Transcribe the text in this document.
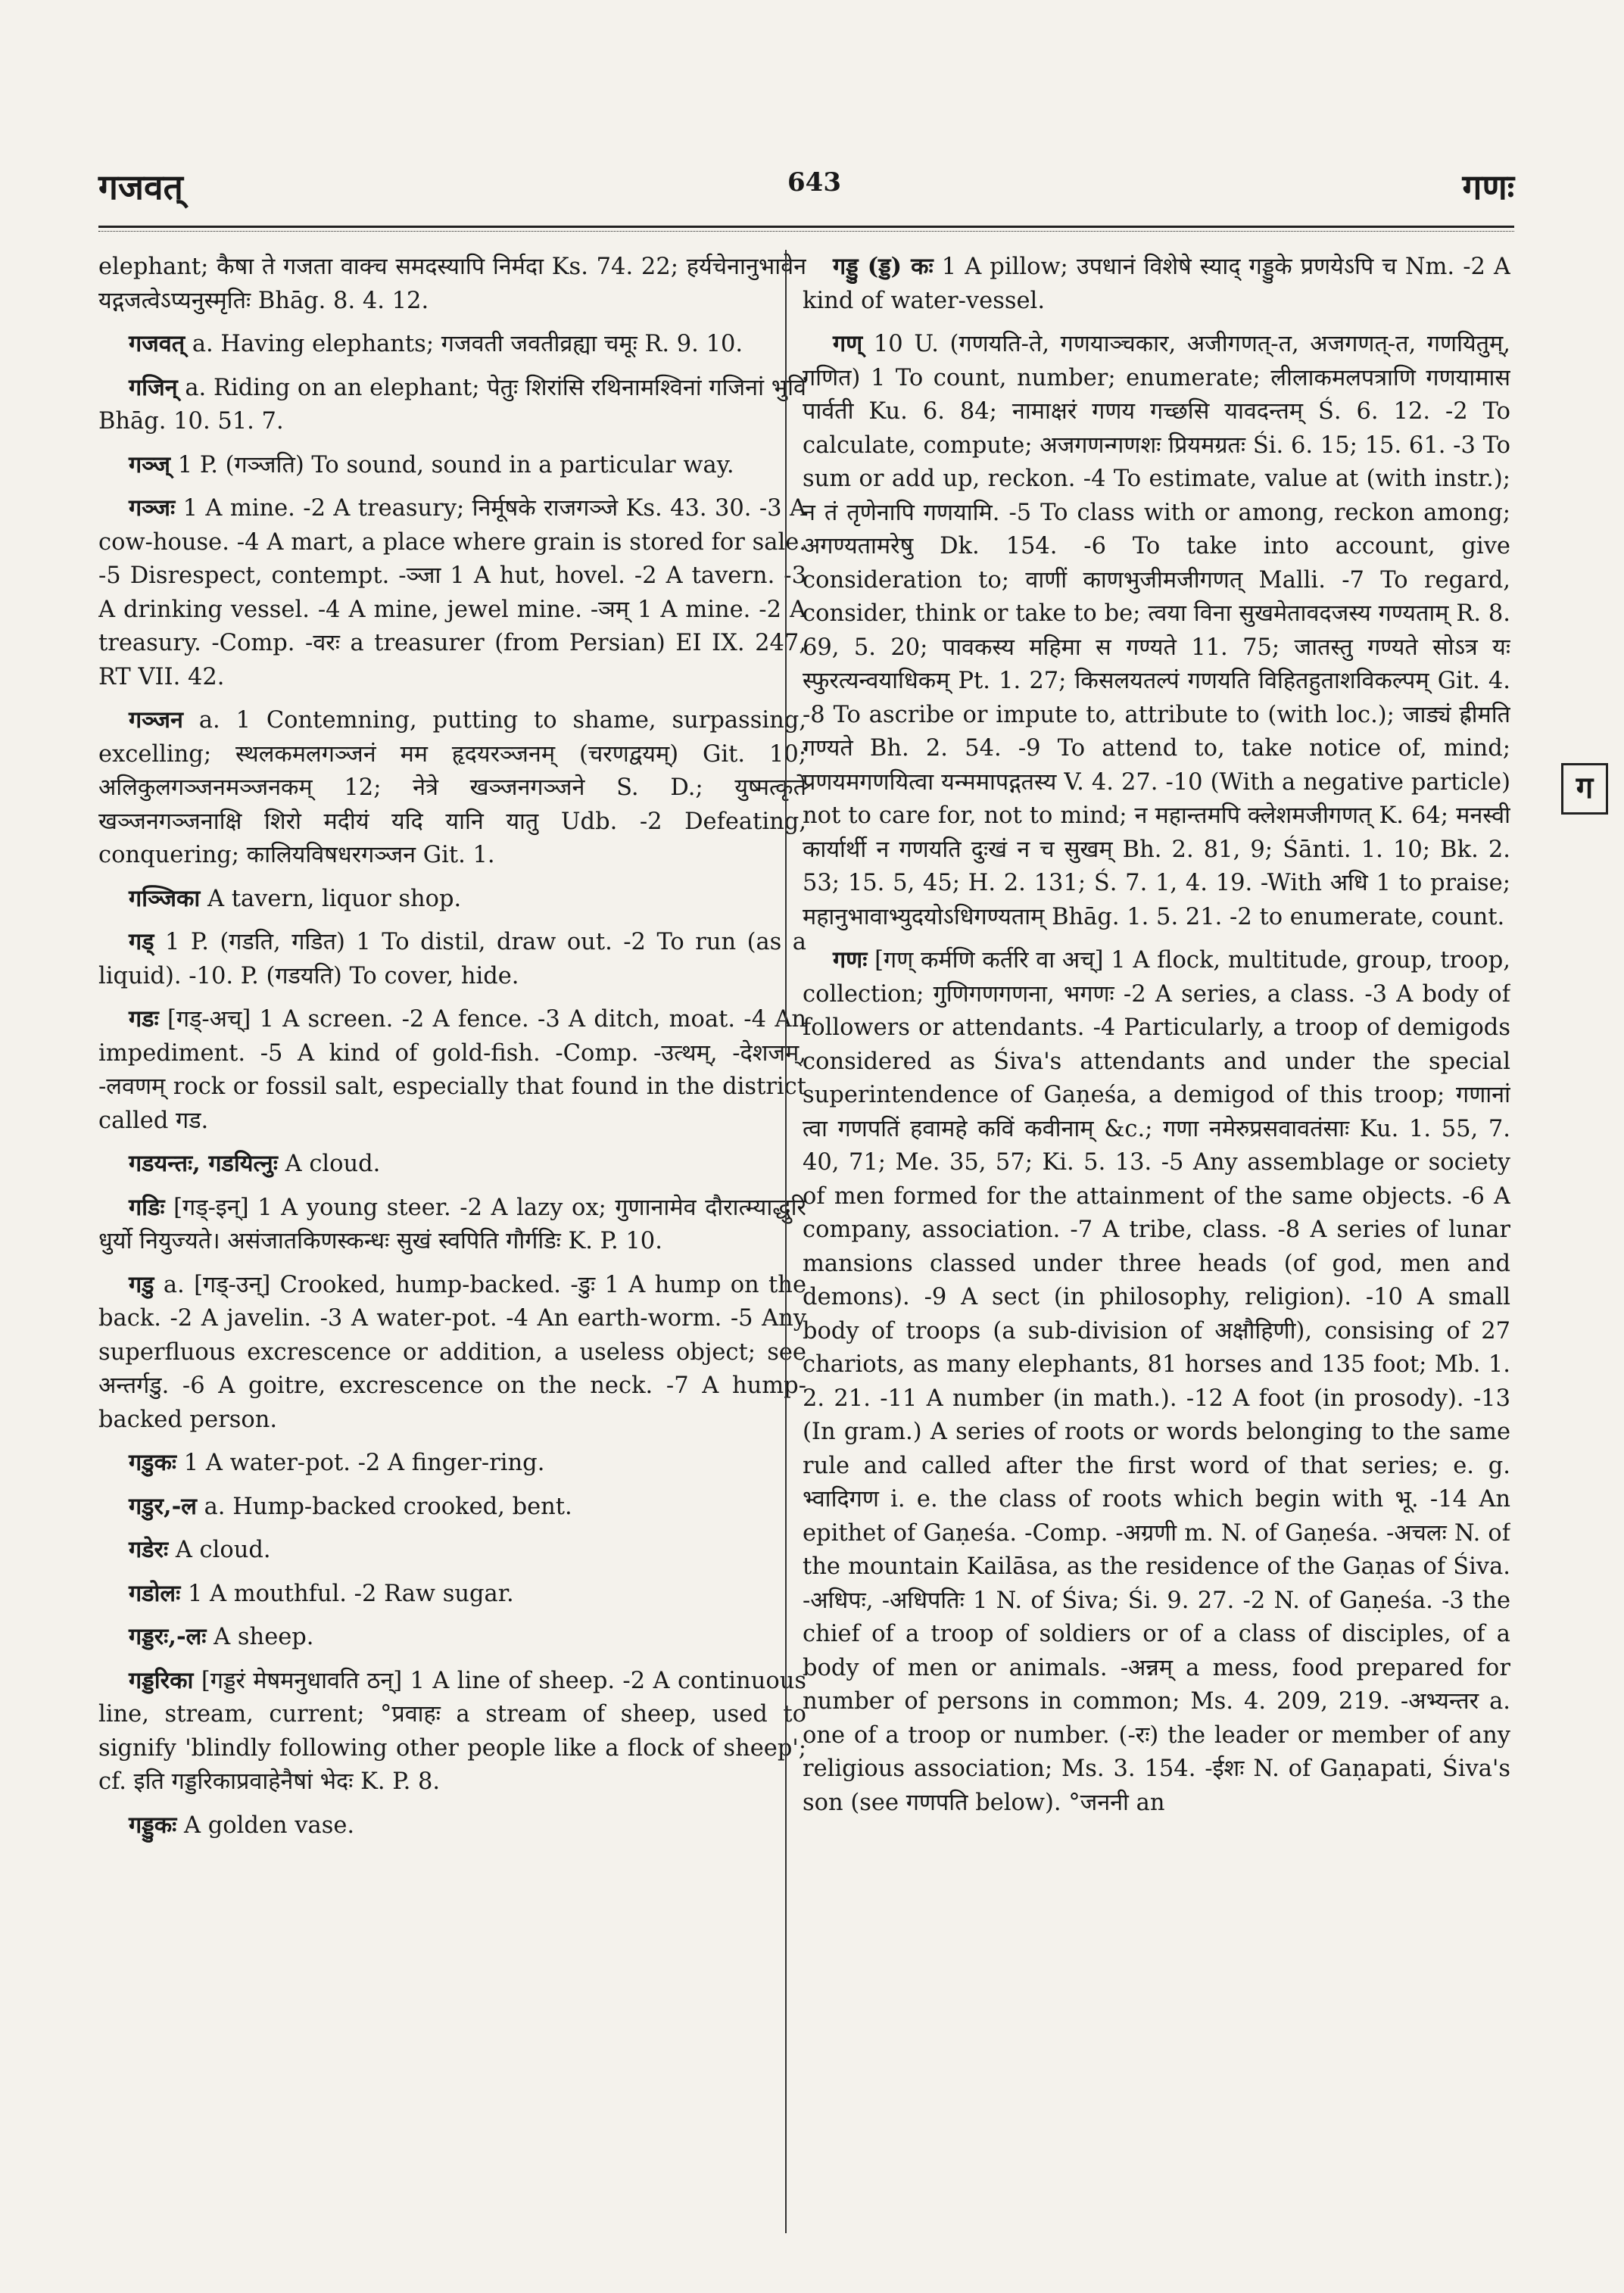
गजवत्	643	गणः
ग

elephant; कैषा ते गजता वाक्च समदस्यापि निर्मदा Ks. 74. 22; हर्यचेनानुभावेन यद्गजत्वेऽप्यनुस्मृतिः Bhāg. 8. 4. 12.

गजवत् a. Having elephants; गजवती जवतीव्रह्या चमूः R. 9. 10.

गजिन् a. Riding on an elephant; पेतुः शिरांसि रथिनामश्विनां गजिनां भुवि Bhāg. 10. 51. 7.

गञ्ज् 1 P. (गञ्जति) To sound, sound in a particular way.

गञ्जः 1 A mine. -2 A treasury; निर्मूषके राजगञ्जे Ks. 43. 30. -3 A cow-house. -4 A mart, a place where grain is stored for sale. -5 Disrespect, contempt. -ञ्जा 1 A hut, hovel. -2 A tavern. -3 A drinking vessel. -4 A mine, jewel mine. -ञम् 1 A mine. -2 A treasury. -Comp. -वरः a treasurer (from Persian) EI IX. 247, RT VII. 42.

गञ्जन a. 1 Contemning, putting to shame, surpassing, excelling; स्थलकमलगञ्जनं मम हृदयरञ्जनम् (चरणद्वयम्) Git. 10; अलिकुलगञ्जनमञ्जनकम् 12; नेत्रे खञ्जनगञ्जने S. D.; युष्मत्कृते खञ्जनगञ्जनाक्षि शिरो मदीयं यदि यानि यातु Udb. -2 Defeating, conquering; कालियविषधरगञ्जन Git. 1.

गञ्जिका A tavern, liquor shop.

गड् 1 P. (गडति, गडित) 1 To distil, draw out. -2 To run (as a liquid). -10. P. (गडयति) To cover, hide.

गडः [गड्-अच्] 1 A screen. -2 A fence. -3 A ditch, moat. -4 An impediment. -5 A kind of gold-fish. -Comp. -उत्थम्, -देशजम्, -लवणम् rock or fossil salt, especially that found in the district called गड.

गडयन्तः, गडयित्नुः A cloud.

गडिः [गड्-इन्] 1 A young steer. -2 A lazy ox; गुणानामेव दौरात्म्याद्धुरि धुर्यो नियुज्यते। असंजातकिणस्कन्धः सुखं स्वपिति गौर्गडिः K. P. 10.

गडु a. [गड्-उन्] Crooked, hump-backed. -डुः 1 A hump on the back. -2 A javelin. -3 A water-pot. -4 An earth-worm. -5 Any superfluous excrescence or addition, a useless object; see अन्तर्गडु. -6 A goitre, excrescence on the neck. -7 A hump-backed person.

गडुकः 1 A water-pot. -2 A finger-ring.

गडुर,-ल a. Hump-backed crooked, bent.

गडेरः A cloud.

गडोलः 1 A mouthful. -2 Raw sugar.

गड्डरः,-लः A sheep.

गड्डरिका [गड्डरं मेषमनुधावति ठन्] 1 A line of sheep. -2 A continuous line, stream, current; °प्रवाहः a stream of sheep, used to signify 'blindly following other people like a flock of sheep'; cf. इति गड्डरिकाप्रवाहेनैषां भेदः K. P. 8.

गड्डुकः A golden vase.

गड्डु (ड्ड) कः 1 A pillow; उपधानं विशेषे स्याद् गड्डुके प्रणयेऽपि च Nm. -2 A kind of water-vessel.

गण् 10 U. (गणयति-ते, गणयाञ्चकार, अजीगणत्-त, अजगणत्-त, गणयितुम्, गणित) 1 To count, number; enumerate; लीलाकमलपत्राणि गणयामास पार्वती Ku. 6. 84; नामाक्षरं गणय गच्छसि यावदन्तम् Ś. 6. 12. -2 To calculate, compute; अजगणन्गणशः प्रियमग्रतः Śi. 6. 15; 15. 61. -3 To sum or add up, reckon. -4 To estimate, value at (with instr.); न तं तृणेनापि गणयामि. -5 To class with or among, reckon among; अगण्यतामरेषु Dk. 154. -6 To take into account, give consideration to; वाणीं काणभुजीमजीगणत् Malli. -7 To regard, consider, think or take to be; त्वया विना सुखमेतावदजस्य गण्यताम् R. 8. 69, 5. 20; पावकस्य महिमा स गण्यते 11. 75; जातस्तु गण्यते सोऽत्र यः स्फुरत्यन्वयाधिकम् Pt. 1. 27; किसलयतल्पं गणयति विहितहुताशविकल्पम् Git. 4. -8 To ascribe or impute to, attribute to (with loc.); जाड्यं ह्रीमति गण्यते Bh. 2. 54. -9 To attend to, take notice of, mind; प्रणयमगणयित्वा यन्ममापद्गतस्य V. 4. 27. -10 (With a negative particle) not to care for, not to mind; न महान्तमपि क्लेशमजीगणत् K. 64; मनस्वी कार्यार्थी न गणयति दुःखं न च सुखम् Bh. 2. 81, 9; Śānti. 1. 10; Bk. 2. 53; 15. 5, 45; H. 2. 131; Ś. 7. 1, 4. 19. -With अधि 1 to praise; महानुभावाभ्युदयोऽधिगण्यताम् Bhāg. 1. 5. 21. -2 to enumerate, count.

गणः [गण् कर्मणि कर्तरि वा अच्] 1 A flock, multitude, group, troop, collection; गुणिगणगणना, भगणः -2 A series, a class. -3 A body of followers or attendants. -4 Particularly, a troop of demigods considered as Śiva's attendants and under the special superintendence of Gaṇeśa, a demigod of this troop; गणानां त्वा गणपतिं हवामहे कविं कवीनाम् &c.; गणा नमेरुप्रसवावतंसाः Ku. 1. 55, 7. 40, 71; Me. 35, 57; Ki. 5. 13. -5 Any assemblage or society of men formed for the attainment of the same objects. -6 A company, association. -7 A tribe, class. -8 A series of lunar mansions classed under three heads (of god, men and demons). -9 A sect (in philosophy, religion). -10 A small body of troops (a sub-division of अक्षौहिणी), consising of 27 chariots, as many elephants, 81 horses and 135 foot; Mb. 1. 2. 21. -11 A number (in math.). -12 A foot (in prosody). -13 (In gram.) A series of roots or words belonging to the same rule and called after the first word of that series; e. g. भ्वादिगण i. e. the class of roots which begin with भू. -14 An epithet of Gaṇeśa. -Comp. -अग्रणी m. N. of Gaṇeśa. -अचलः N. of the mountain Kailāsa, as the residence of the Gaṇas of Śiva. -अधिपः, -अधिपतिः 1 N. of Śiva; Śi. 9. 27. -2 N. of Gaṇeśa. -3 the chief of a troop of soldiers or of a class of disciples, of a body of men or animals. -अन्नम् a mess, food prepared for number of persons in common; Ms. 4. 209, 219. -अभ्यन्तर a. one of a troop or number. (-रः) the leader or member of any religious association; Ms. 3. 154. -ईशः N. of Gaṇapati, Śiva's son (see गणपति below). °जननी an
